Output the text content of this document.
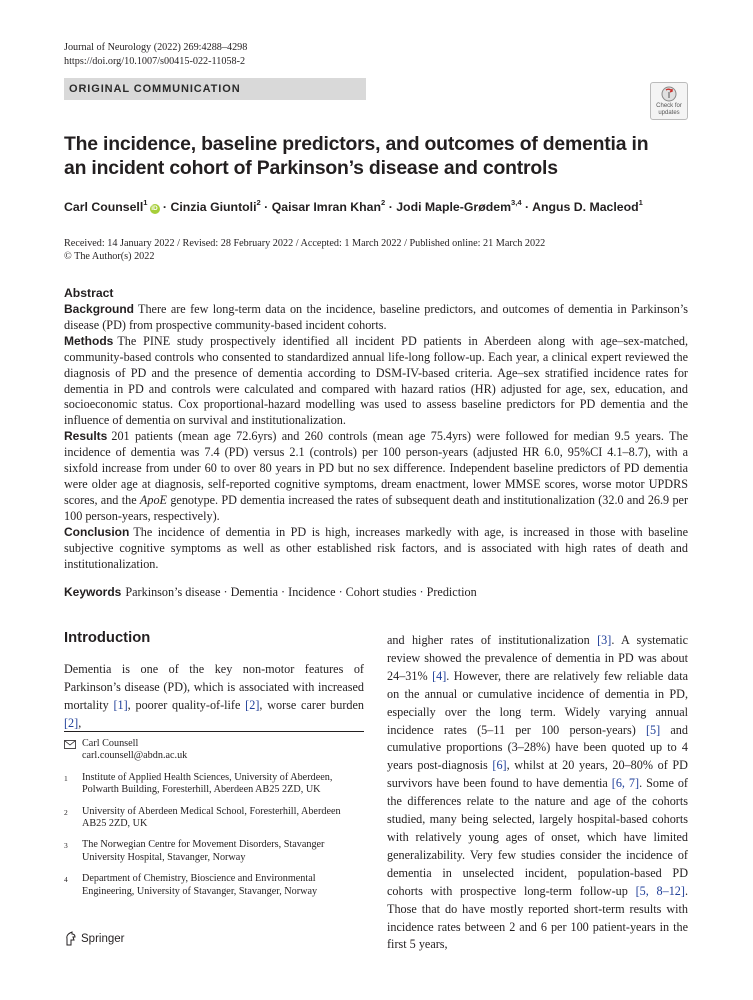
Journal of Neurology (2022) 269:4288–4298
https://doi.org/10.1007/s00415-022-11058-2
ORIGINAL COMMUNICATION
Check for updates
The incidence, baseline predictors, and outcomes of dementia in an incident cohort of Parkinson’s disease and controls
Carl Counsell$^1$iD · Cinzia Giuntoli$^2$ · Qaisar Imran Khan$^2$ · Jodi Maple-Grødem$^{3,4}$ · Angus D. Macleod$^1$
Received: 14 January 2022 / Revised: 28 February 2022 / Accepted: 1 March 2022 / Published online: 21 March 2022
© The Author(s) 2022
Abstract

Background There are few long-term data on the incidence, baseline predictors, and outcomes of dementia in Parkinson’s disease (PD) from prospective community-based incident cohorts.

Methods The PINE study prospectively identified all incident PD patients in Aberdeen along with age–sex-matched, community-based controls who consented to standardized annual life-long follow-up. Each year, a clinical expert reviewed the diagnosis of PD and the presence of dementia according to DSM-IV-based criteria. Age–sex stratified incidence rates for dementia in PD and controls were calculated and compared with hazard ratios (HR) adjusted for age, sex, education, and socioeconomic status. Cox proportional-hazard modelling was used to assess baseline predictors for PD dementia and the influence of dementia on survival and institutionalization.

Results 201 patients (mean age 72.6yrs) and 260 controls (mean age 75.4yrs) were followed for median 9.5 years. The incidence of dementia was 7.4 (PD) versus 2.1 (controls) per 100 person-years (adjusted HR 6.0, 95%CI 4.1–8.7), with a sixfold increase from under 60 to over 80 years in PD but no sex difference. Independent baseline predictors of PD dementia were older age at diagnosis, self-reported cognitive symptoms, dream enactment, lower MMSE scores, worse motor UPDRS scores, and the ApoE genotype. PD dementia increased the rates of subsequent death and institutionalization (32.0 and 26.9 per 100 person-years, respectively).

Conclusion The incidence of dementia in PD is high, increases markedly with age, is increased in those with baseline subjective cognitive symptoms as well as other established risk factors, and is associated with high rates of death and institutionalization.

Keywords Parkinson’s disease · Dementia · Incidence · Cohort studies · Prediction
Introduction

Dementia is one of the key non-motor features of Parkinson’s disease (PD), which is associated with increased mortality [1], poorer quality-of-life [2], worse carer burden [2],

and higher rates of institutionalization [3]. A systematic review showed the prevalence of dementia in PD was about 24–31% [4]. However, there are relatively few reliable data on the annual or cumulative incidence of dementia in PD, especially over the long term. Widely varying annual incidence rates (5–11 per 100 person-years) [5] and cumulative proportions (3–28%) have been quoted up to 4 years post-diagnosis [6], whilst at 20 years, 20–80% of PD survivors have been found to have dementia [6, 7]. Some of the differences relate to the nature and age of the cohorts studied, many being selected, largely hospital-based cohorts with relatively young ages of onset, which have limited generalizability. Very few studies consider the incidence of dementia in unselected incident, population-based PD cohorts with prospective long-term follow-up [5, 8–12]. Those that do have mostly reported short-term results with incidence rates between 2 and 6 per 100 patient-years in the first 5 years,

Carl Counsell
carl.counsell@abdn.ac.uk
1	Institute of Applied Health Sciences, University of Aberdeen, Polwarth Building, Foresterhill, Aberdeen AB25 2ZD, UK
2	University of Aberdeen Medical School, Foresterhill, Aberdeen AB25 2ZD, UK
3	The Norwegian Centre for Movement Disorders, Stavanger University Hospital, Stavanger, Norway
4	Department of Chemistry, Bioscience and Environmental Engineering, University of Stavanger, Stavanger, Norway
Springer
